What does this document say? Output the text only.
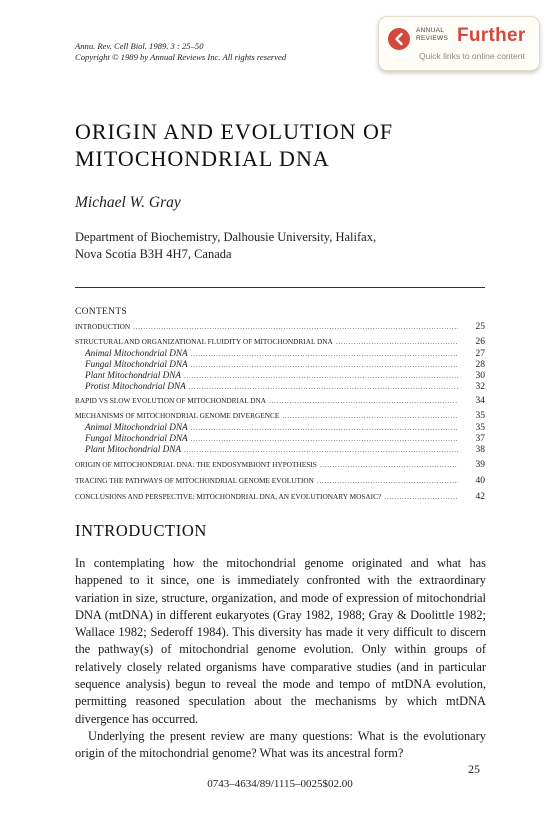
Annu. Rev. Cell Biol. 1989. 3 : 25–50
Copyright © 1989 by Annual Reviews Inc. All rights reserved
ANNUAL
REVIEWS Further
Quick links to online content
ORIGIN AND EVOLUTION OF
MITOCHONDRIAL DNA
Michael W. Gray
Department of Biochemistry, Dalhousie University, Halifax,
Nova Scotia B3H 4H7, Canada
CONTENTS
INTRODUCTION .....	25
STRUCTURAL AND ORGANIZATIONAL FLUIDITY OF MITOCHONDRIAL DNA .....	26
Animal Mitochondrial DNA .....	27
Fungal Mitochondrial DNA .....	28
Plant Mitochondrial DNA .....	30
Protist Mitochondrial DNA .....	32
RAPID VS SLOW EVOLUTION OF MITOCHONDRIAL DNA .....	34
MECHANISMS OF MITOCHONDRIAL GENOME DIVERGENCE .....	35
Animal Mitochondrial DNA .....	35
Fungal Mitochondrial DNA .....	37
Plant Mitochondrial DNA .....	38
ORIGIN OF MITOCHONDRIAL DNA: THE ENDOSYMBIONT HYPOTHESIS .....	39
TRACING THE PATHWAYS OF MITOCHONDRIAL GENOME EVOLUTION .....	40
CONCLUSIONS AND PERSPECTIVE: MITOCHONDRIAL DNA, AN EVOLUTIONARY MOSAIC? .....	42
INTRODUCTION

In contemplating how the mitochondrial genome originated and what has happened to it since, one is immediately confronted with the extraordinary variation in size, structure, organization, and mode of expression of mitochondrial DNA (mtDNA) in different eukaryotes (Gray 1982, 1988; Gray & Doolittle 1982; Wallace 1982; Sederoff 1984). This diversity has made it very difficult to discern the pathway(s) of mitochondrial genome evolution. Only within groups of relatively closely related organisms have comparative studies (and in particular sequence analysis) begun to reveal the mode and tempo of mtDNA evolution, permitting reasoned speculation about the mechanisms by which mtDNA divergence has occurred.

Underlying the present review are many questions: What is the evolutionary origin of the mitochondrial genome? What was its ancestral form?

25
0743–4634/89/1115–0025$02.00
